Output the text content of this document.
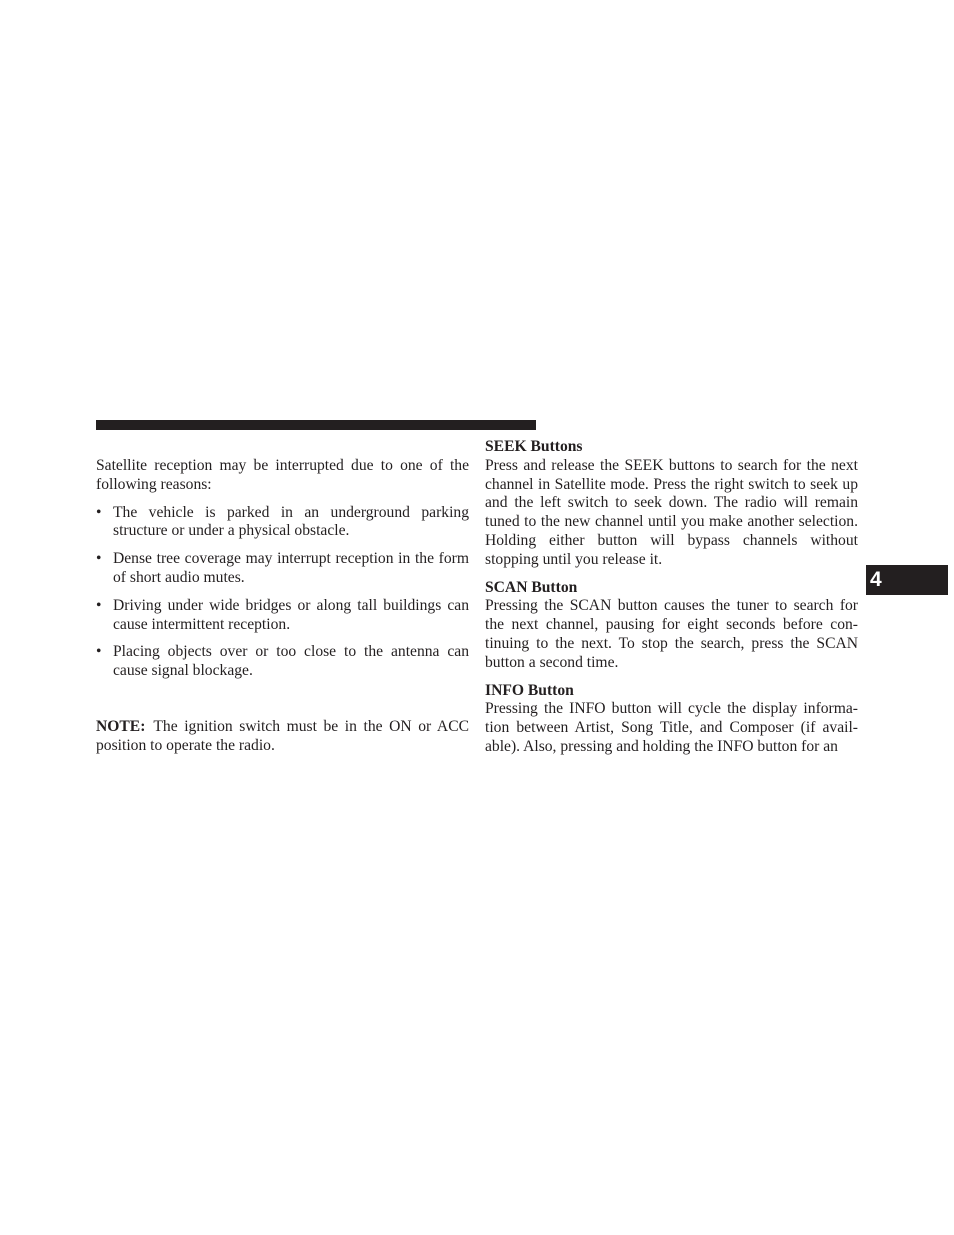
Satellite reception may be interrupted due to one of the following reasons:

• The vehicle is parked in an underground parking structure or under a physical obstacle.
• Dense tree coverage may interrupt reception in the form of short audio mutes.
• Driving under wide bridges or along tall buildings can cause intermittent reception.
• Placing objects over or too close to the antenna can cause signal blockage.

NOTE: The ignition switch must be in the ON or ACC position to operate the radio.

SEEK Buttons

Press and release the SEEK buttons to search for the next channel in Satellite mode. Press the right switch to seek up and the left switch to seek down. The radio will remain tuned to the new channel until you make another selection. Holding either button will bypass channels without stopping until you release it.

SCAN Button

Pressing the SCAN button causes the tuner to search for the next channel, pausing for eight seconds before con-tinuing to the next. To stop the search, press the SCAN button a second time.

INFO Button

Pressing the INFO button will cycle the display informa-tion between Artist, Song Title, and Composer (if avail-able). Also, pressing and holding the INFO button for an

4
